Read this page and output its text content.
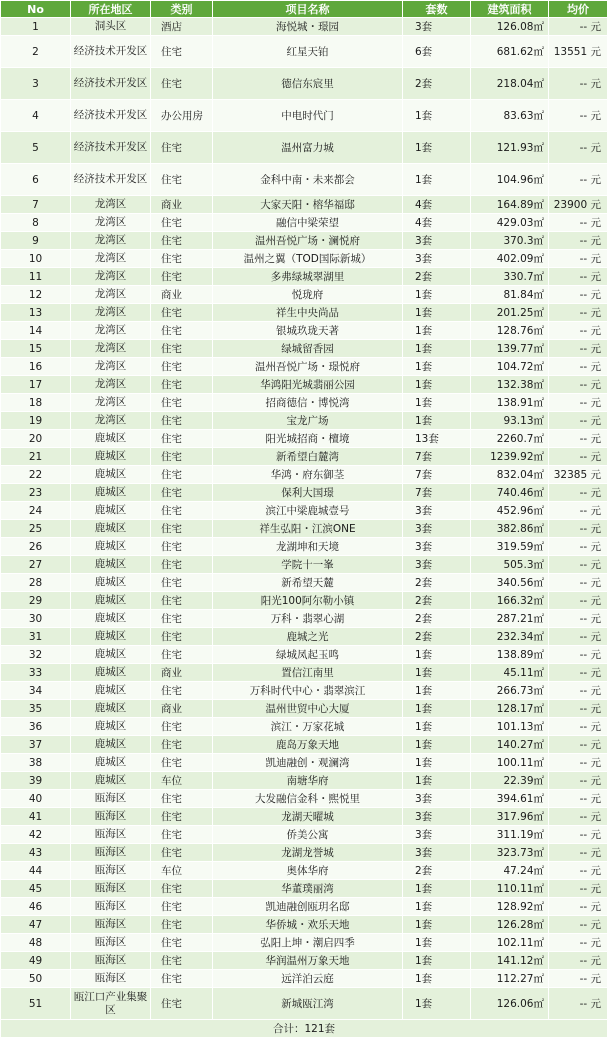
No	所在地区	类别	项目名称	套数	建筑面积	均价
1	洞头区	酒店	海悦城・璟园	3套	126.08㎡	-- 元
2	经济技术开发区	住宅	红星天铂	6套	681.62㎡	13551 元
3	经济技术开发区	住宅	德信东宸里	2套	218.04㎡	-- 元
4	经济技术开发区	办公用房	中电时代门	1套	83.63㎡	-- 元
5	经济技术开发区	住宅	温州富力城	1套	121.93㎡	-- 元
6	经济技术开发区	住宅	金科中南・未来都会	1套	104.96㎡	-- 元
7	龙湾区	商业	大家天阳・榕华福邸	4套	164.89㎡	23900 元
8	龙湾区	住宅	融信中梁荣望	4套	429.03㎡	-- 元
9	龙湾区	住宅	温州吾悦广场・澜悦府	3套	370.3㎡	-- 元
10	龙湾区	住宅	温州之翼（TOD国际新城）	3套	402.09㎡	-- 元
11	龙湾区	住宅	多弗绿城翠湖里	2套	330.7㎡	-- 元
12	龙湾区	商业	悦珑府	1套	81.84㎡	-- 元
13	龙湾区	住宅	祥生中央尚品	1套	201.25㎡	-- 元
14	龙湾区	住宅	银城玖珑天著	1套	128.76㎡	-- 元
15	龙湾区	住宅	绿城留香园	1套	139.77㎡	-- 元
16	龙湾区	住宅	温州吾悦广场・璟悦府	1套	104.72㎡	-- 元
17	龙湾区	住宅	华鸿阳光城翡丽公园	1套	132.38㎡	-- 元
18	龙湾区	住宅	招商德信・博悦湾	1套	138.91㎡	-- 元
19	龙湾区	住宅	宝龙广场	1套	93.13㎡	-- 元
20	鹿城区	住宅	阳光城招商・檀境	13套	2260.7㎡	-- 元
21	鹿城区	住宅	新希望白麓湾	7套	1239.92㎡	-- 元
22	鹿城区	住宅	华鸿・府东御茎	7套	832.04㎡	32385 元
23	鹿城区	住宅	保利大国璟	7套	740.46㎡	-- 元
24	鹿城区	住宅	滨江中梁鹿城壹号	3套	452.96㎡	-- 元
25	鹿城区	住宅	祥生弘阳・江滨ONE	3套	382.86㎡	-- 元
26	鹿城区	住宅	龙湖坤和天境	3套	319.59㎡	-- 元
27	鹿城区	住宅	学院十一峯	3套	505.3㎡	-- 元
28	鹿城区	住宅	新希望天麓	2套	340.56㎡	-- 元
29	鹿城区	住宅	阳光100阿尔勒小镇	2套	166.32㎡	-- 元
30	鹿城区	住宅	万科・翡翠心湖	2套	287.21㎡	-- 元
31	鹿城区	住宅	鹿城之光	2套	232.34㎡	-- 元
32	鹿城区	住宅	绿城凤起玉鸣	1套	138.89㎡	-- 元
33	鹿城区	商业	置信江南里	1套	45.11㎡	-- 元
34	鹿城区	住宅	万科时代中心・翡翠滨江	1套	266.73㎡	-- 元
35	鹿城区	商业	温州世贸中心大厦	1套	128.17㎡	-- 元
36	鹿城区	住宅	滨江・万家花城	1套	101.13㎡	-- 元
37	鹿城区	住宅	鹿岛万象天地	1套	140.27㎡	-- 元
38	鹿城区	住宅	凯迪融创・观澜湾	1套	100.11㎡	-- 元
39	鹿城区	车位	南塘华府	1套	22.39㎡	-- 元
40	瓯海区	住宅	大发融信金科・熙悦里	3套	394.61㎡	-- 元
41	瓯海区	住宅	龙湖天曜城	3套	317.96㎡	-- 元
42	瓯海区	住宅	侨美公寓	3套	311.19㎡	-- 元
43	瓯海区	住宅	龙湖龙誉城	3套	323.73㎡	-- 元
44	瓯海区	车位	奥体华府	2套	47.24㎡	-- 元
45	瓯海区	住宅	华董璞丽湾	1套	110.11㎡	-- 元
46	瓯海区	住宅	凯迪融创瓯玥名邸	1套	128.92㎡	-- 元
47	瓯海区	住宅	华侨城・欢乐天地	1套	126.28㎡	-- 元
48	瓯海区	住宅	弘阳上坤・潮启四季	1套	102.11㎡	-- 元
49	瓯海区	住宅	华润温州万象天地	1套	141.12㎡	-- 元
50	瓯海区	住宅	远洋泊云庭	1套	112.27㎡	-- 元
51	瓯江口产业集聚区	住宅	新城瓯江湾	1套	126.06㎡	-- 元
合计：121套						
